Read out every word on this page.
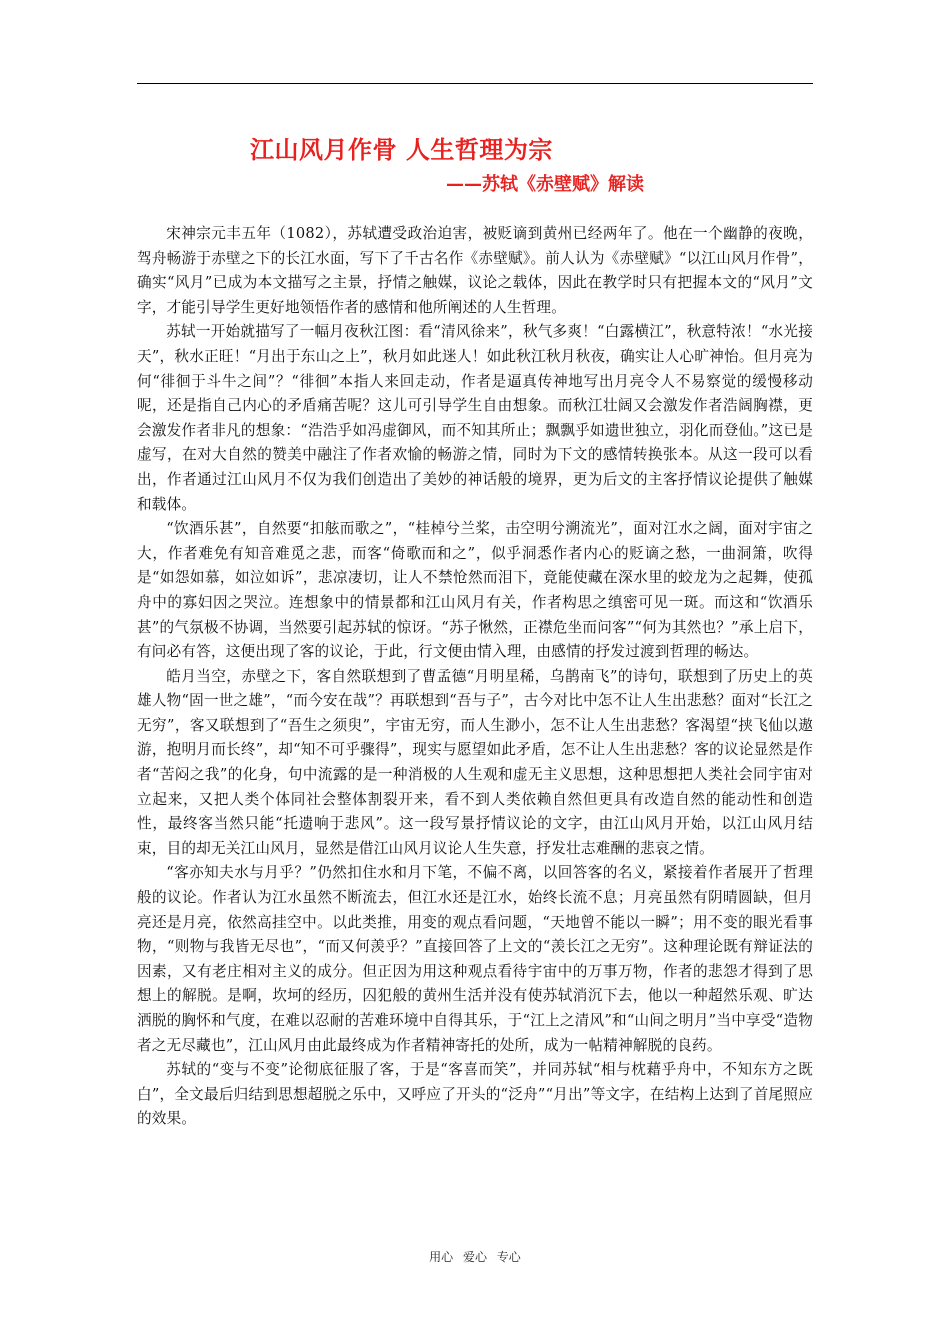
江山风月作骨 人生哲理为宗
——苏轼《赤壁赋》解读

宋神宗元丰五年（1082），苏轼遭受政治迫害，被贬谪到黄州已经两年了。他在一个幽静的夜晚，驾舟畅游于赤壁之下的长江水面，写下了千古名作《赤壁赋》。前人认为《赤壁赋》“以江山风月作骨”，确实“风月”已成为本文描写之主景，抒情之触媒，议论之载体，因此在教学时只有把握本文的“风月”文字，才能引导学生更好地领悟作者的感情和他所阐述的人生哲理。

苏轼一开始就描写了一幅月夜秋江图：看“清风徐来”，秋气多爽！“白露横江”，秋意特浓！“水光接天”，秋水正旺！“月出于东山之上”，秋月如此迷人！如此秋江秋月秋夜，确实让人心旷神怡。但月亮为何“徘徊于斗牛之间”？“徘徊”本指人来回走动，作者是逼真传神地写出月亮令人不易察觉的缓慢移动呢，还是指自己内心的矛盾痛苦呢？这儿可引导学生自由想象。而秋江壮阔又会激发作者浩阔胸襟，更会激发作者非凡的想象：“浩浩乎如冯虚御风，而不知其所止；飘飘乎如遗世独立，羽化而登仙。”这已是虚写，在对大自然的赞美中融注了作者欢愉的畅游之情，同时为下文的感情转换张本。从这一段可以看出，作者通过江山风月不仅为我们创造出了美妙的神话般的境界，更为后文的主客抒情议论提供了触媒和载体。

“饮酒乐甚”，自然要“扣舷而歌之”，“桂棹兮兰桨，击空明兮溯流光”，面对江水之阔，面对宇宙之大，作者难免有知音难觅之悲，而客“倚歌而和之”，似乎洞悉作者内心的贬谪之愁，一曲洞箫，吹得是“如怨如慕，如泣如诉”，悲凉凄切，让人不禁怆然而泪下，竟能使藏在深水里的蛟龙为之起舞，使孤舟中的寡妇因之哭泣。连想象中的情景都和江山风月有关，作者构思之缜密可见一斑。而这和“饮酒乐甚”的气氛极不协调，当然要引起苏轼的惊讶。“苏子愀然，正襟危坐而问客”“何为其然也？”承上启下，有问必有答，这便出现了客的议论，于此，行文便由情入理，由感情的抒发过渡到哲理的畅达。

皓月当空，赤壁之下，客自然联想到了曹孟德“月明星稀，乌鹊南飞”的诗句，联想到了历史上的英雄人物“固一世之雄”，“而今安在哉”？再联想到“吾与子”，古今对比中怎不让人生出悲愁？面对“长江之无穷”，客又联想到了“吾生之须臾”，宇宙无穷，而人生渺小，怎不让人生出悲愁？客渴望“挟飞仙以遨游，抱明月而长终”，却“知不可乎骤得”，现实与愿望如此矛盾，怎不让人生出悲愁？客的议论显然是作者“苦闷之我”的化身，句中流露的是一种消极的人生观和虚无主义思想，这种思想把人类社会同宇宙对立起来，又把人类个体同社会整体割裂开来，看不到人类依赖自然但更具有改造自然的能动性和创造性，最终客当然只能“托遗响于悲风”。这一段写景抒情议论的文字，由江山风月开始，以江山风月结束，目的却无关江山风月，显然是借江山风月议论人生失意，抒发壮志难酬的悲哀之情。

“客亦知夫水与月乎？”仍然扣住水和月下笔，不偏不离，以回答客的名义，紧接着作者展开了哲理般的议论。作者认为江水虽然不断流去，但江水还是江水，始终长流不息；月亮虽然有阴晴圆缺，但月亮还是月亮，依然高挂空中。以此类推，用变的观点看问题，“天地曾不能以一瞬”；用不变的眼光看事物，“则物与我皆无尽也”，“而又何羡乎？”直接回答了上文的“羡长江之无穷”。这种理论既有辩证法的因素，又有老庄相对主义的成分。但正因为用这种观点看待宇宙中的万事万物，作者的悲怨才得到了思想上的解脱。是啊，坎坷的经历，囚犯般的黄州生活并没有使苏轼消沉下去，他以一种超然乐观、旷达洒脱的胸怀和气度，在难以忍耐的苦难环境中自得其乐，于“江上之清风”和“山间之明月”当中享受“造物者之无尽藏也”，江山风月由此最终成为作者精神寄托的处所，成为一帖精神解脱的良药。

苏轼的“变与不变”论彻底征服了客，于是“客喜而笑”，并同苏轼“相与枕藉乎舟中，不知东方之既白”，全文最后归结到思想超脱之乐中，又呼应了开头的“泛舟”“月出”等文字，在结构上达到了首尾照应的效果。

用心 爱心 专心
